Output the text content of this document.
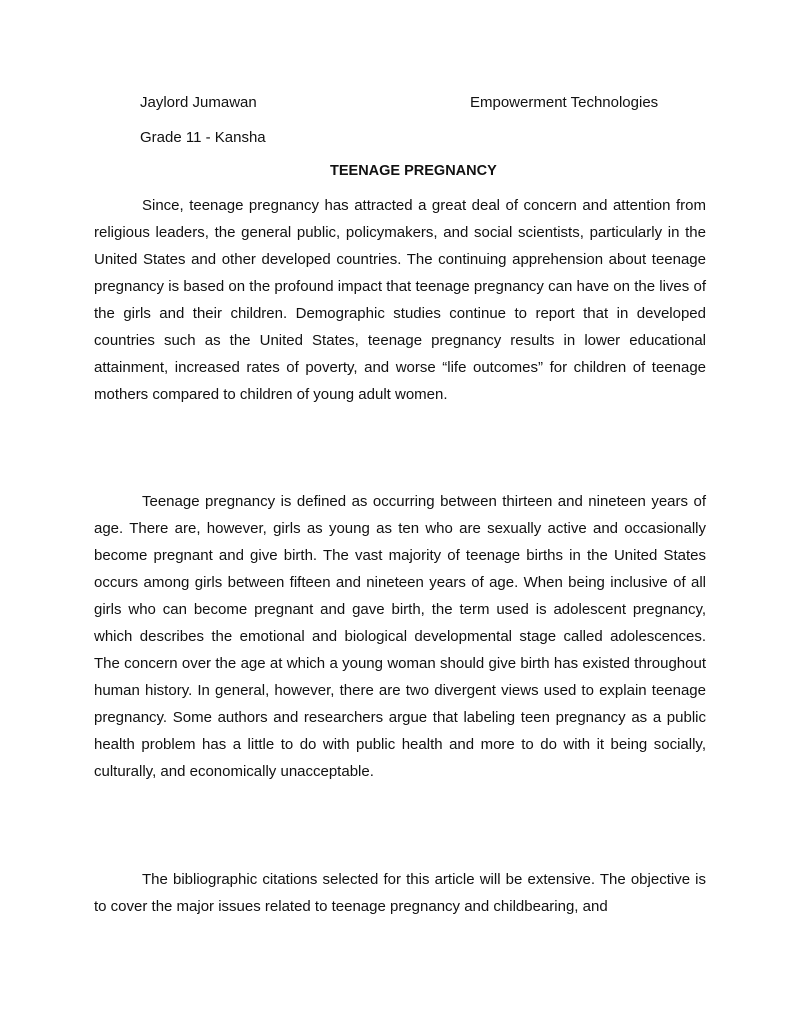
Jaylord Jumawan	Empowerment Technologies
Grade 11 - Kansha
TEENAGE PREGNANCY

Since, teenage pregnancy has attracted a great deal of concern and attention from religious leaders, the general public, policymakers, and social scientists, particularly in the United States and other developed countries. The continuing apprehension about teenage pregnancy is based on the profound impact that teenage pregnancy can have on the lives of the girls and their children. Demographic studies continue to report that in developed countries such as the United States, teenage pregnancy results in lower educational attainment, increased rates of poverty, and worse “life outcomes” for children of teenage mothers compared to children of young adult women.

Teenage pregnancy is defined as occurring between thirteen and nineteen years of age. There are, however, girls as young as ten who are sexually active and occasionally become pregnant and give birth. The vast majority of teenage births in the United States occurs among girls between fifteen and nineteen years of age. When being inclusive of all girls who can become pregnant and gave birth, the term used is adolescent pregnancy, which describes the emotional and biological developmental stage called adolescences. The concern over the age at which a young woman should give birth has existed throughout human history. In general, however, there are two divergent views used to explain teenage pregnancy. Some authors and researchers argue that labeling teen pregnancy as a public health problem has a little to do with public health and more to do with it being socially, culturally, and economically unacceptable.

The bibliographic citations selected for this article will be extensive. The objective is to cover the major issues related to teenage pregnancy and childbearing, and
